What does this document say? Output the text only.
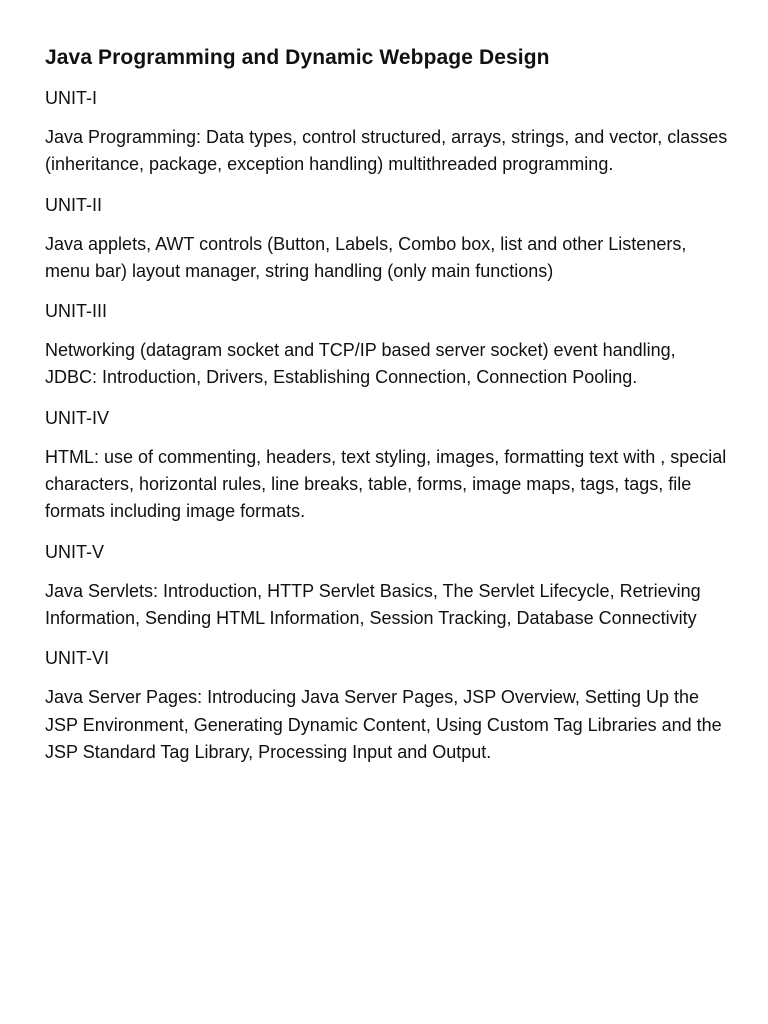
Java Programming and Dynamic Webpage Design
UNIT-I

Java Programming: Data types, control structured, arrays, strings, and vector, classes (inheritance, package, exception handling) multithreaded programming.

UNIT-II

Java applets, AWT controls (Button, Labels, Combo box, list and other Listeners, menu bar) layout manager, string handling (only main functions)

UNIT-III

Networking (datagram socket and TCP/IP based server socket) event handling, JDBC: Introduction, Drivers, Establishing Connection, Connection Pooling.

UNIT-IV

HTML: use of commenting, headers, text styling, images, formatting text with , special characters, horizontal rules, line breaks, table, forms, image maps, tags, tags, file formats including image formats.

UNIT-V

Java Servlets: Introduction, HTTP Servlet Basics, The Servlet Lifecycle, Retrieving Information, Sending HTML Information, Session Tracking, Database Connectivity

UNIT-VI

Java Server Pages: Introducing Java Server Pages, JSP Overview, Setting Up the JSP Environment, Generating Dynamic Content, Using Custom Tag Libraries and the JSP Standard Tag Library, Processing Input and Output.
